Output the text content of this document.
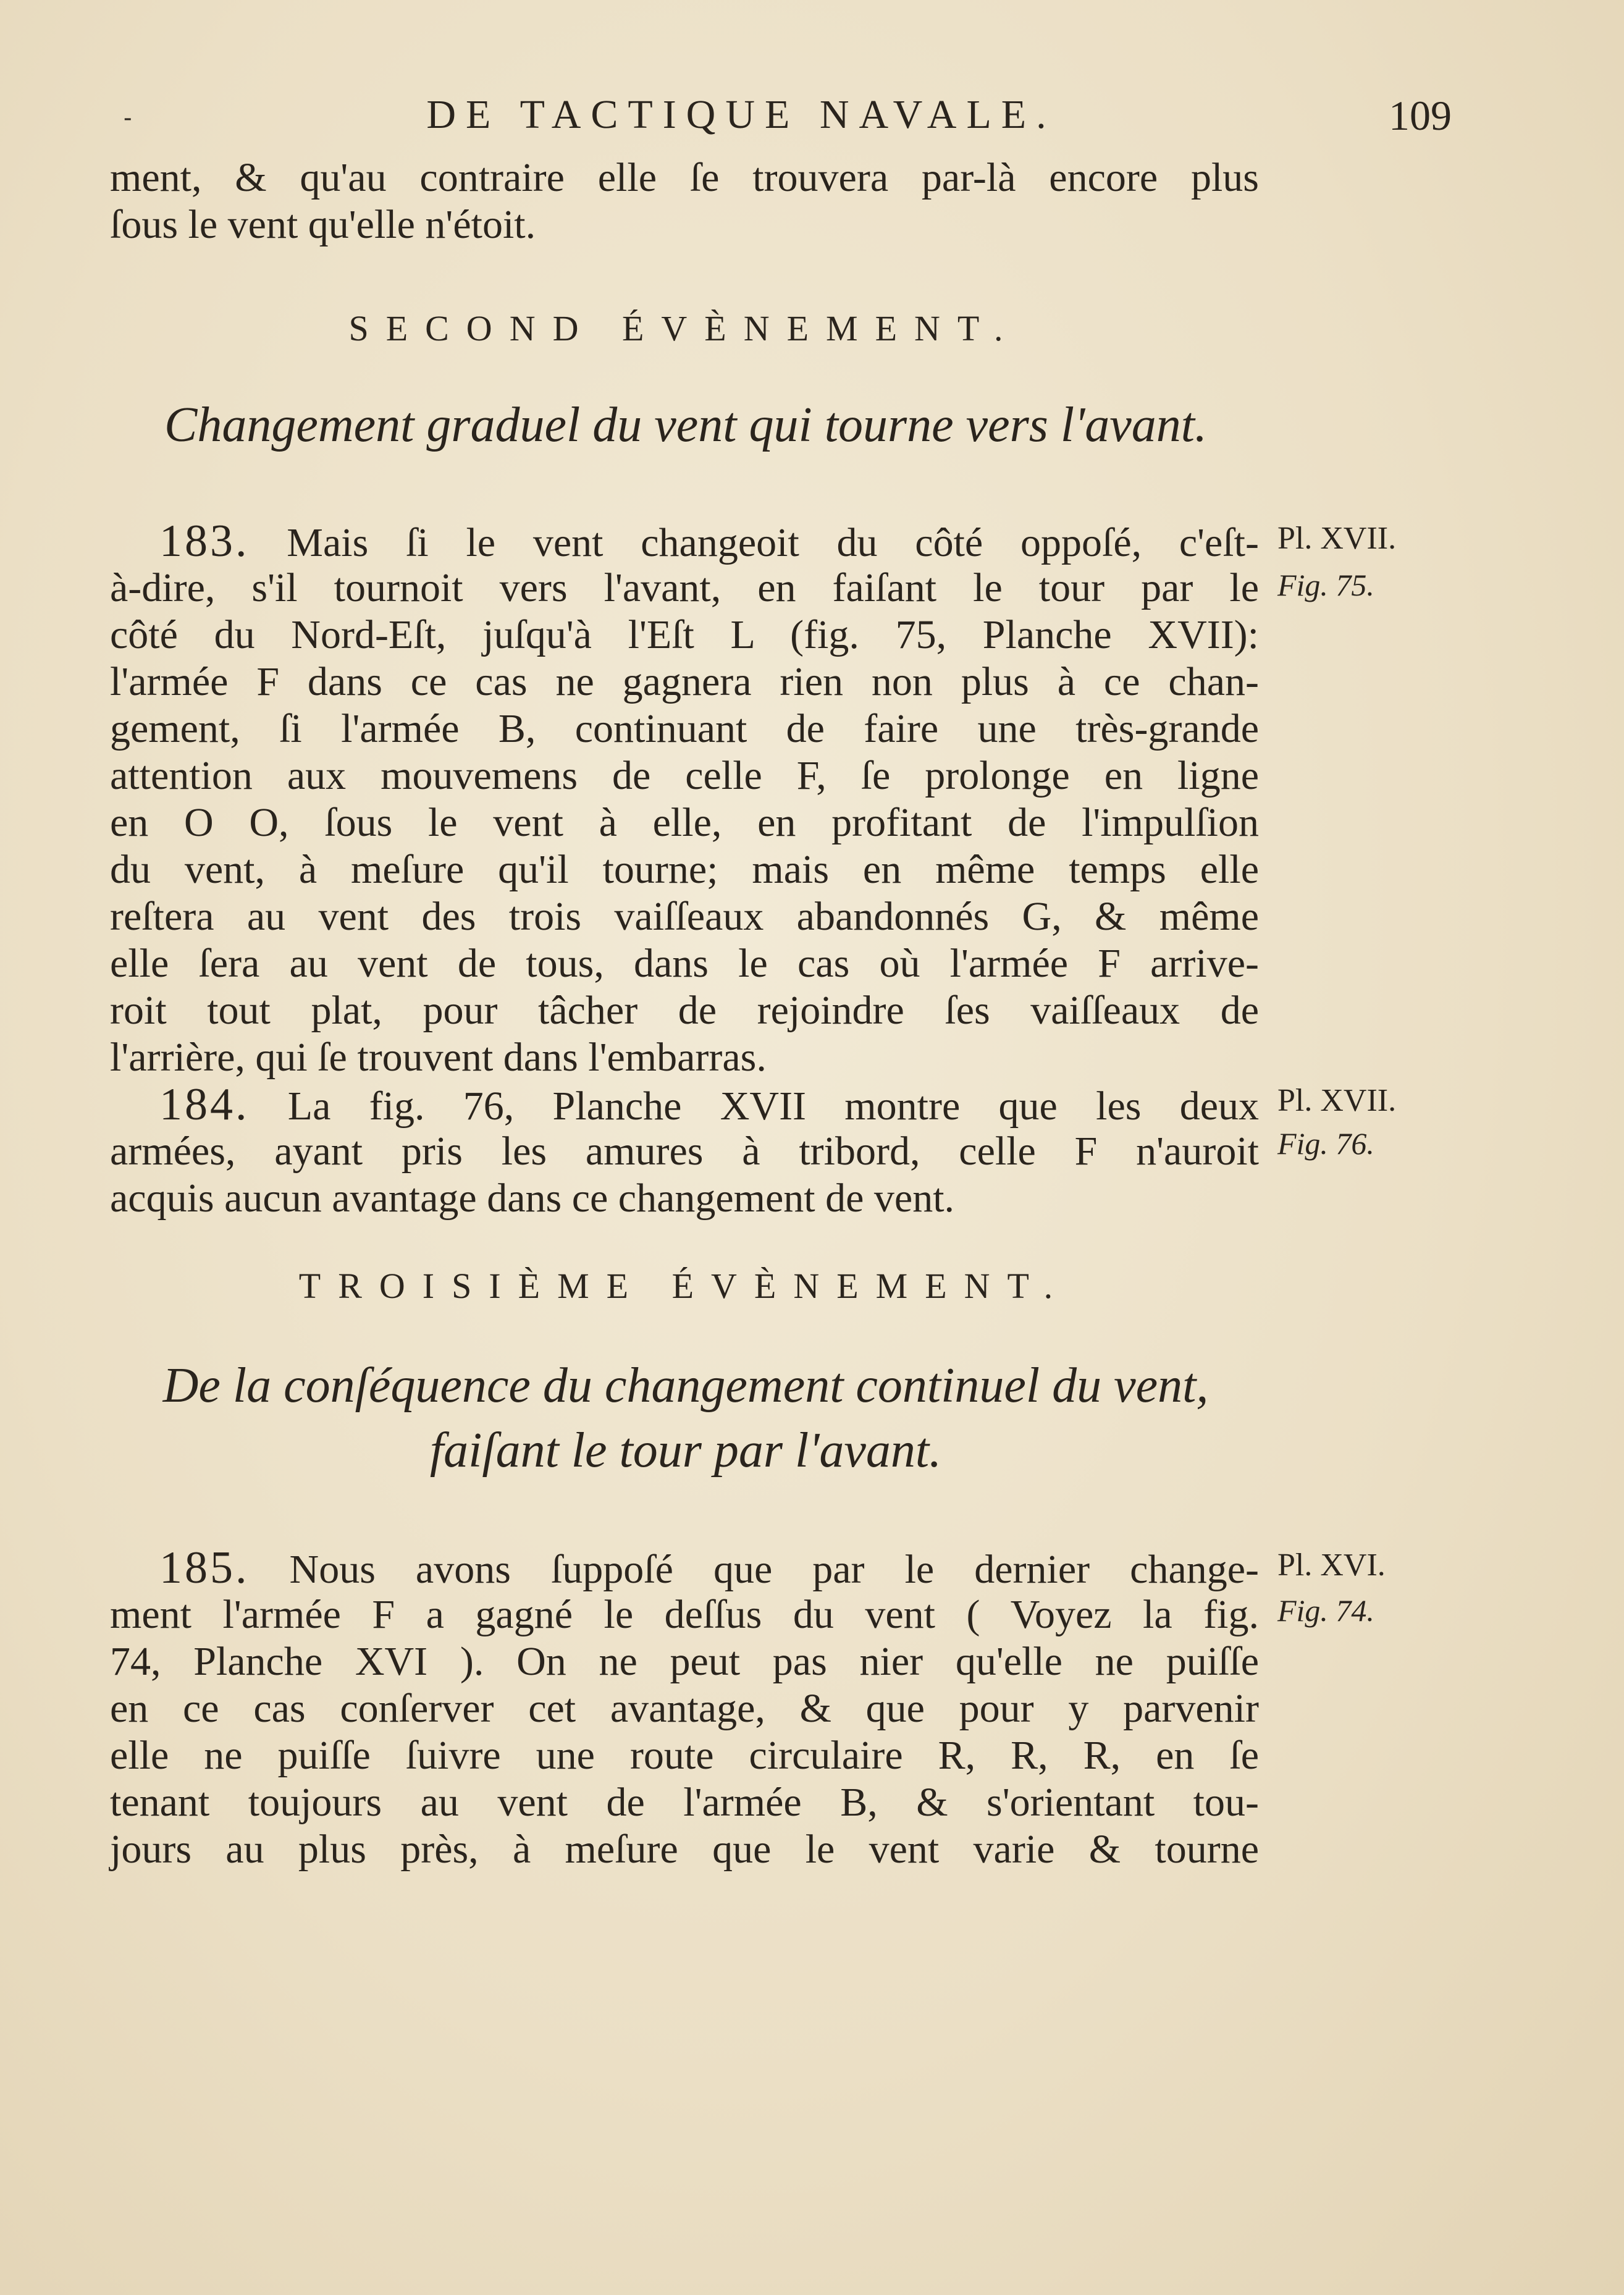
-	DE TACTIQUE NAVALE.	109
ment, & qu'au contraire elle ſe trouvera par-là encore plus
ſous le vent qu'elle n'étoit.
SECOND ÉVÈNEMENT.
Changement graduel du vent qui tourne vers l'avant.
183. Mais ſi le vent changeoit du côté oppoſé, c'eſt-
à-dire, s'il tournoit vers l'avant, en faiſant le tour par le
côté du Nord-Eſt, juſqu'à l'Eſt L (fig. 75, Planche XVII):
l'armée F dans ce cas ne gagnera rien non plus à ce chan-
gement, ſi l'armée B, continuant de faire une très-grande
attention aux mouvemens de celle F, ſe prolonge en ligne
en O O, ſous le vent à elle, en profitant de l'impulſion
du vent, à meſure qu'il tourne; mais en même temps elle
reſtera au vent des trois vaiſſeaux abandonnés G, & même
elle ſera au vent de tous, dans le cas où l'armée F arrive-
roit tout plat, pour tâcher de rejoindre ſes vaiſſeaux de
l'arrière, qui ſe trouvent dans l'embarras.
184. La fig. 76, Planche XVII montre que les deux
armées, ayant pris les amures à tribord, celle F n'auroit
acquis aucun avantage dans ce changement de vent.
TROISIÈME ÉVÈNEMENT.
De la conſéquence du changement continuel du vent,
faiſant le tour par l'avant.
185. Nous avons ſuppoſé que par le dernier change-
ment l'armée F a gagné le deſſus du vent ( Voyez la fig.
74, Planche XVI ). On ne peut pas nier qu'elle ne puiſſe
en ce cas conſerver cet avantage, & que pour y parvenir
elle ne puiſſe ſuivre une route circulaire R, R, R, en ſe
tenant toujours au vent de l'armée B, & s'orientant tou-
jours au plus près, à meſure que le vent varie & tourne
Pl. XVII.
Fig. 75.
Pl. XVII.
Fig. 76.
Pl. XVI.
Fig. 74.
